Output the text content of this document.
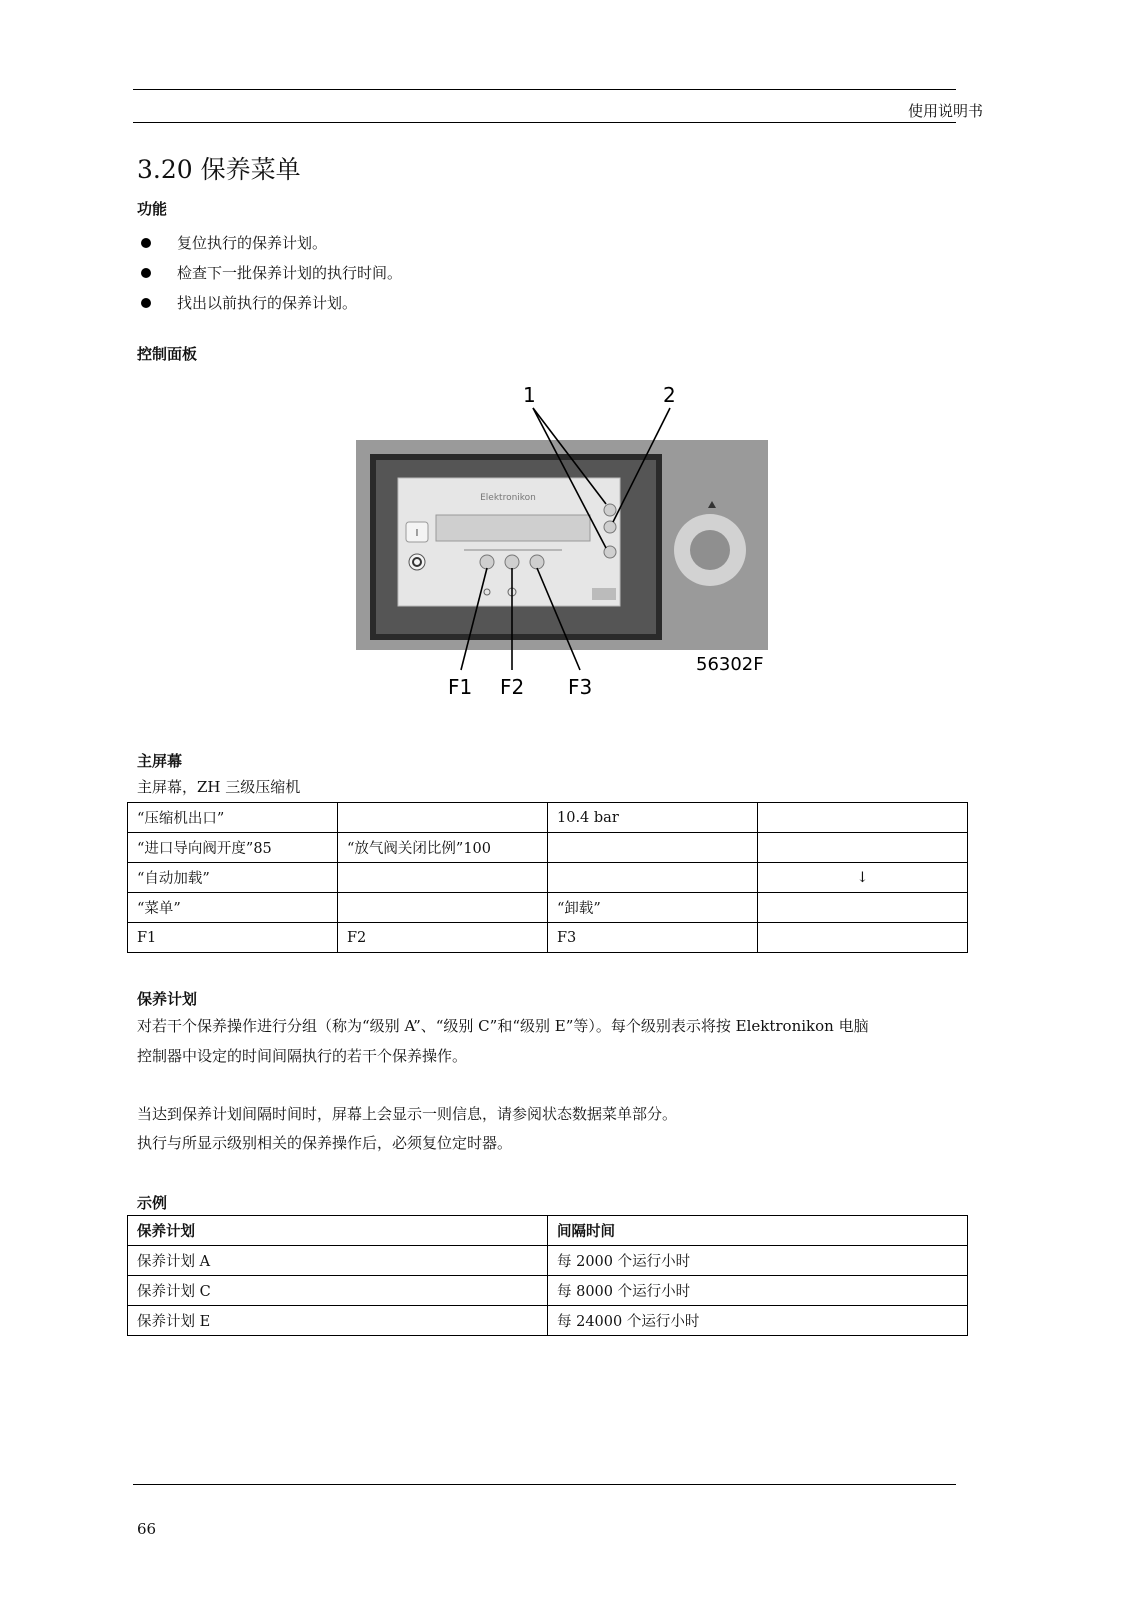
使用说明书
3.20 保养菜单
功能
复位执行的保养计划。
检查下一批保养计划的执行时间。
找出以前执行的保养计划。
控制面板
Elektronikon
I
1	2
F1 F2 F3
56302F
主屏幕
主屏幕，ZH 三级压缩机
“压缩机出口”		10.4 bar	
“进口导向阀开度”85	“放气阀关闭比例”100		
“自动加载”			↓
“菜单”		“卸载”	
F1	F2	F3	
保养计划
对若干个保养操作进行分组（称为“级别 A”、“级别 C”和“级别 E”等）。每个级别表示将按 Elektronikon 电脑
控制器中设定的时间间隔执行的若干个保养操作。
当达到保养计划间隔时间时，屏幕上会显示一则信息，请参阅状态数据菜单部分。
执行与所显示级别相关的保养操作后，必须复位定时器。
示例
保养计划	间隔时间
保养计划 A	每 2000 个运行小时
保养计划 C	每 8000 个运行小时
保养计划 E	每 24000 个运行小时
66
